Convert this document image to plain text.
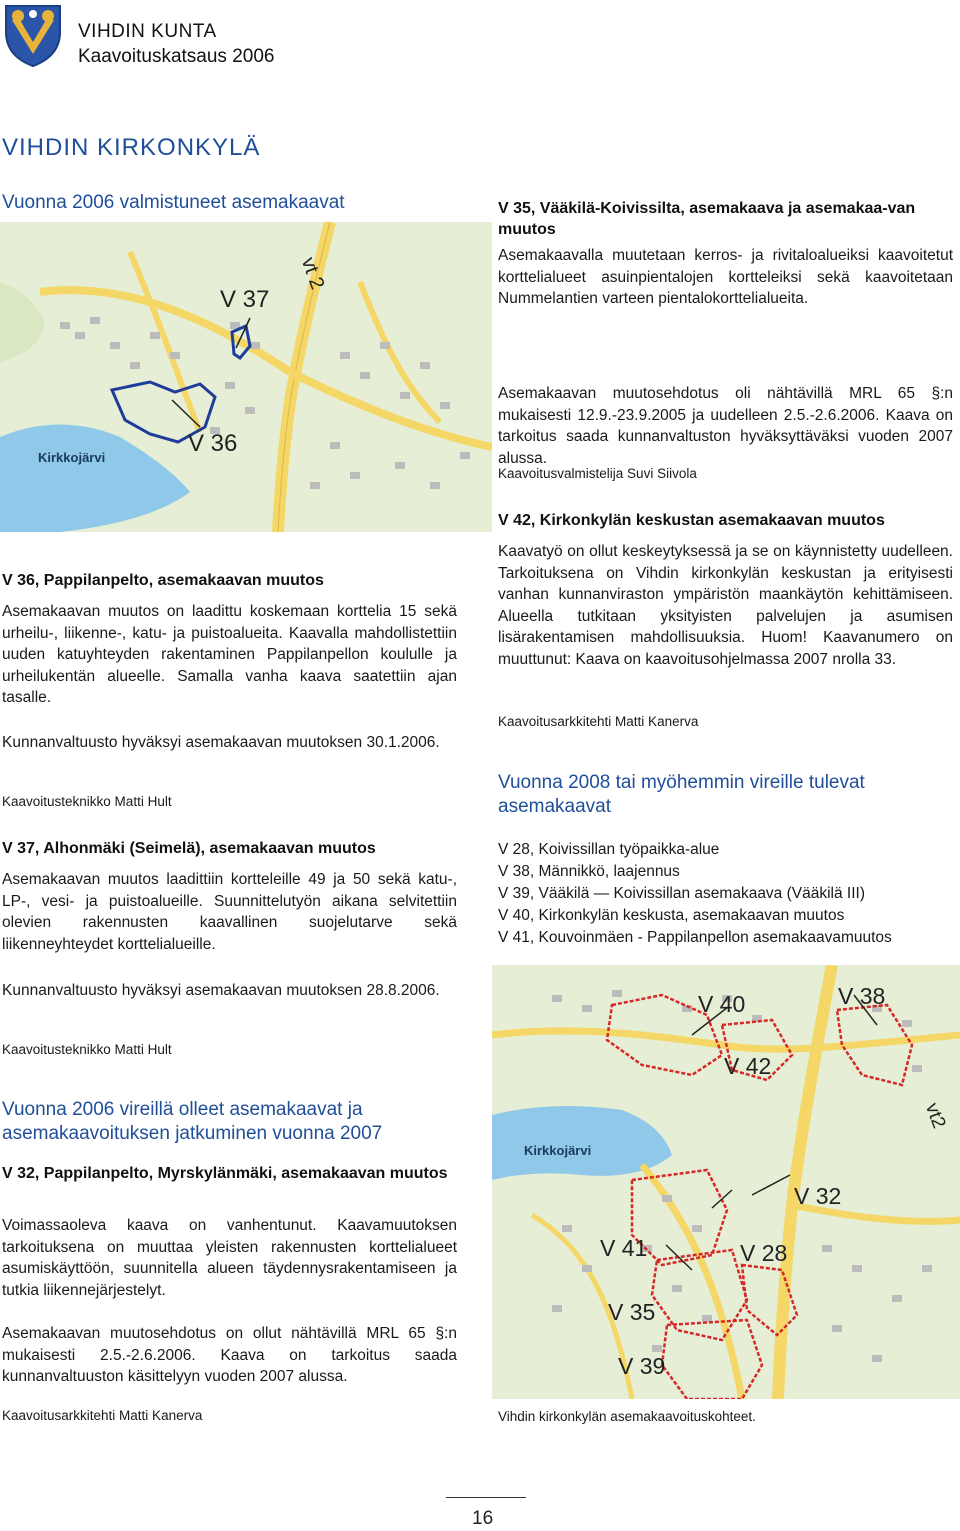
VIHDIN KUNTA
Kaavoituskatsaus 2006
VIHDIN KIRKONKYLÄ
Vuonna 2006 valmistuneet asemakaavat
V 37
V 36
vt 2
Kirkkojärvi
V 35, Vääkilä-Koivissilta, asemakaava ja asemakaa-van muutos
Asemakaavalla muutetaan kerros- ja rivitaloalueiksi kaavoitetut korttelialueet asuinpientalojen kortteleiksi sekä kaavoitetaan Nummelantien varteen pientalokorttelialueita.
Asemakaavan muutosehdotus oli nähtävillä MRL 65 §:n mukaisesti 12.9.-23.9.2005 ja uudelleen 2.5.-2.6.2006. Kaava on tarkoitus saada kunnanvaltuston hyväksyttäväksi vuoden 2007 alussa.
Kaavoitusvalmistelija Suvi Siivola
V 42, Kirkonkylän keskustan asemakaavan muutos
Kaavatyö on ollut keskeytyksessä ja se on käynnistetty uudelleen. Tarkoituksena on Vihdin kirkonkylän keskustan ja erityisesti vanhan kunnanviraston ympäristön maankäytön kehittämiseen. Alueella tutkitaan yksityisten palvelujen ja asumisen lisärakentamisen mahdollisuuksia. Huom! Kaavanumero on muuttunut: Kaava on kaavoitusohjelmassa 2007 nrolla 33.
Kaavoitusarkkitehti Matti Kanerva
V 36, Pappilanpelto, asemakaavan muutos
Asemakaavan muutos on laadittu koskemaan korttelia 15 sekä urheilu-, liikenne-, katu- ja puistoalueita. Kaavalla mahdollistettiin uuden katuyhteyden rakentaminen Pappilanpellon koululle ja urheilukentän alueelle. Samalla vanha kaava saatettiin ajan tasalle.
Kunnanvaltuusto hyväksyi asemakaavan muutoksen 30.1.2006.
Kaavoitusteknikko Matti Hult
V 37, Alhonmäki (Seimelä), asemakaavan muutos
Asemakaavan muutos laadittiin kortteleille 49 ja 50 sekä katu-, LP-, vesi- ja puistoalueille. Suunnittelutyön aikana selvitettiin olevien rakennusten kaavallinen suojelutarve sekä liikenneyhteydet korttelialueille.
Kunnanvaltuusto hyväksyi asemakaavan muutoksen 28.8.2006.
Kaavoitusteknikko Matti Hult
Vuonna 2008 tai myöhemmin vireille tulevat asemakaavat
V 28, Koivissillan työpaikka-alue
V 38, Männikkö, laajennus
V 39, Vääkilä — Koivissillan asemakaava (Vääkilä III)
V 40, Kirkonkylän keskusta, asemakaavan muutos
V 41, Kouvoinmäen - Pappilanpellon asemakaavamuutos
Vuonna 2006 vireillä olleet asemakaavat ja asemakaavoituksen jatkuminen vuonna 2007
V 32, Pappilanpelto, Myrskylänmäki, asemakaavan muutos
Voimassaoleva kaava on vanhentunut. Kaavamuutoksen tarkoituksena on muuttaa yleisten rakennusten korttelialueet asumiskäyttöön, suunnitella alueen täydennysrakentamiseen ja tutkia liikennejärjestelyt.
Asemakaavan muutosehdotus on ollut nähtävillä MRL 65 §:n mukaisesti 2.5.-2.6.2006. Kaava on tarkoitus saada kunnanvaltuuston käsittelyyn vuoden 2007 alussa.
Kaavoitusarkkitehti Matti Kanerva
V 40	V 38
V 42
Kirkkojärvi
vt2
V 32
V 41	V 28
V 35
V 39
Vihdin kirkonkylän asemakaavoituskohteet.
16
